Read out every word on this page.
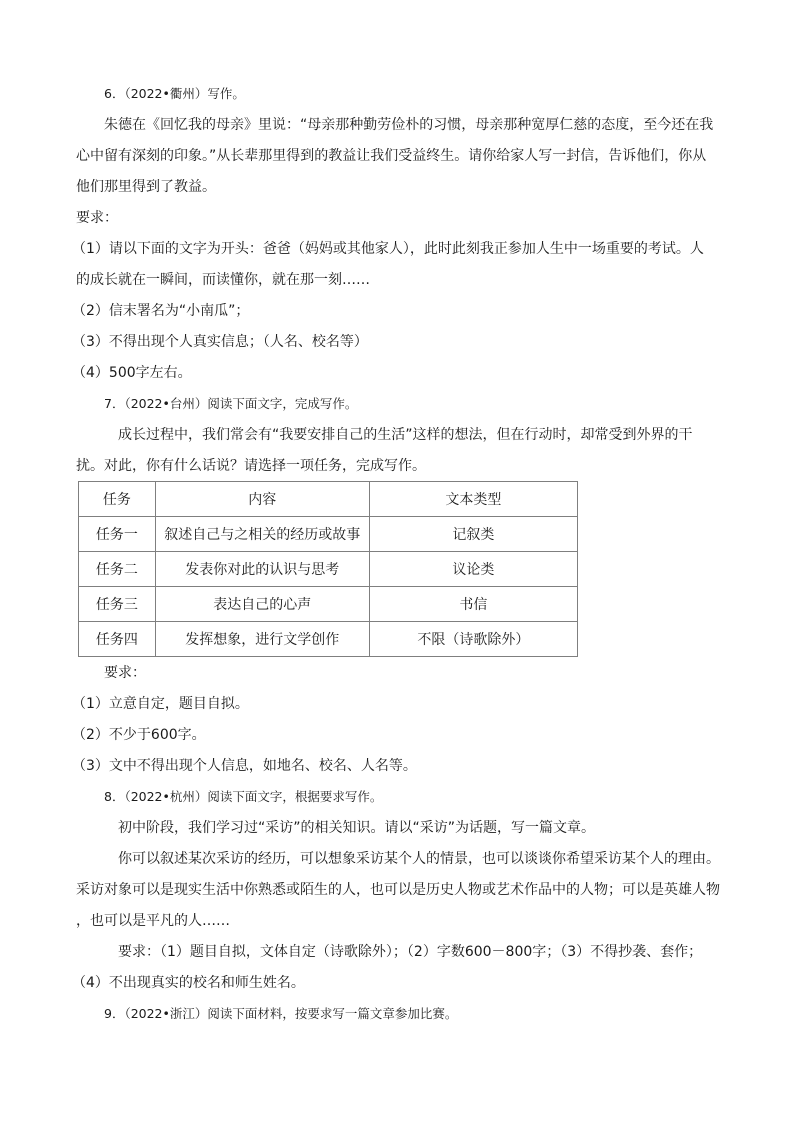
6．（2022•衢州）写作。
朱德在《回忆我的母亲》里说：“母亲那种勤劳俭朴的习惯，母亲那种宽厚仁慈的态度，至今还在我
心中留有深刻的印象。”从长辈那里得到的教益让我们受益终生。请你给家人写一封信，告诉他们，你从
他们那里得到了教益。
要求：
（1）请以下面的文字为开头：爸爸（妈妈或其他家人），此时此刻我正参加人生中一场重要的考试。人
的成长就在一瞬间，而读懂你，就在那一刻……
（2）信末署名为“小南瓜”；
（3）不得出现个人真实信息；（人名、校名等）
（4）500字左右。
7．（2022•台州）阅读下面文字，完成写作。
成长过程中，我们常会有“我要安排自己的生活”这样的想法，但在行动时，却常受到外界的干
扰。对此，你有什么话说？请选择一项任务，完成写作。
任务	内容	文本类型
任务一	叙述自己与之相关的经历或故事	记叙类
任务二	发表你对此的认识与思考	议论类
任务三	表达自己的心声	书信
任务四	发挥想象，进行文学创作	不限（诗歌除外）
要求：
（1）立意自定，题目自拟。
（2）不少于600字。
（3）文中不得出现个人信息，如地名、校名、人名等。
8．（2022•杭州）阅读下面文字，根据要求写作。
初中阶段，我们学习过“采访”的相关知识。请以“采访”为话题，写一篇文章。
你可以叙述某次采访的经历，可以想象采访某个人的情景，也可以谈谈你希望采访某个人的理由。
采访对象可以是现实生活中你熟悉或陌生的人，也可以是历史人物或艺术作品中的人物；可以是英雄人物
，也可以是平凡的人……
要求：（1）题目自拟，文体自定（诗歌除外）；（2）字数600－800字；（3）不得抄袭、套作；
（4）不出现真实的校名和师生姓名。
9．（2022•浙江）阅读下面材料，按要求写一篇文章参加比赛。
